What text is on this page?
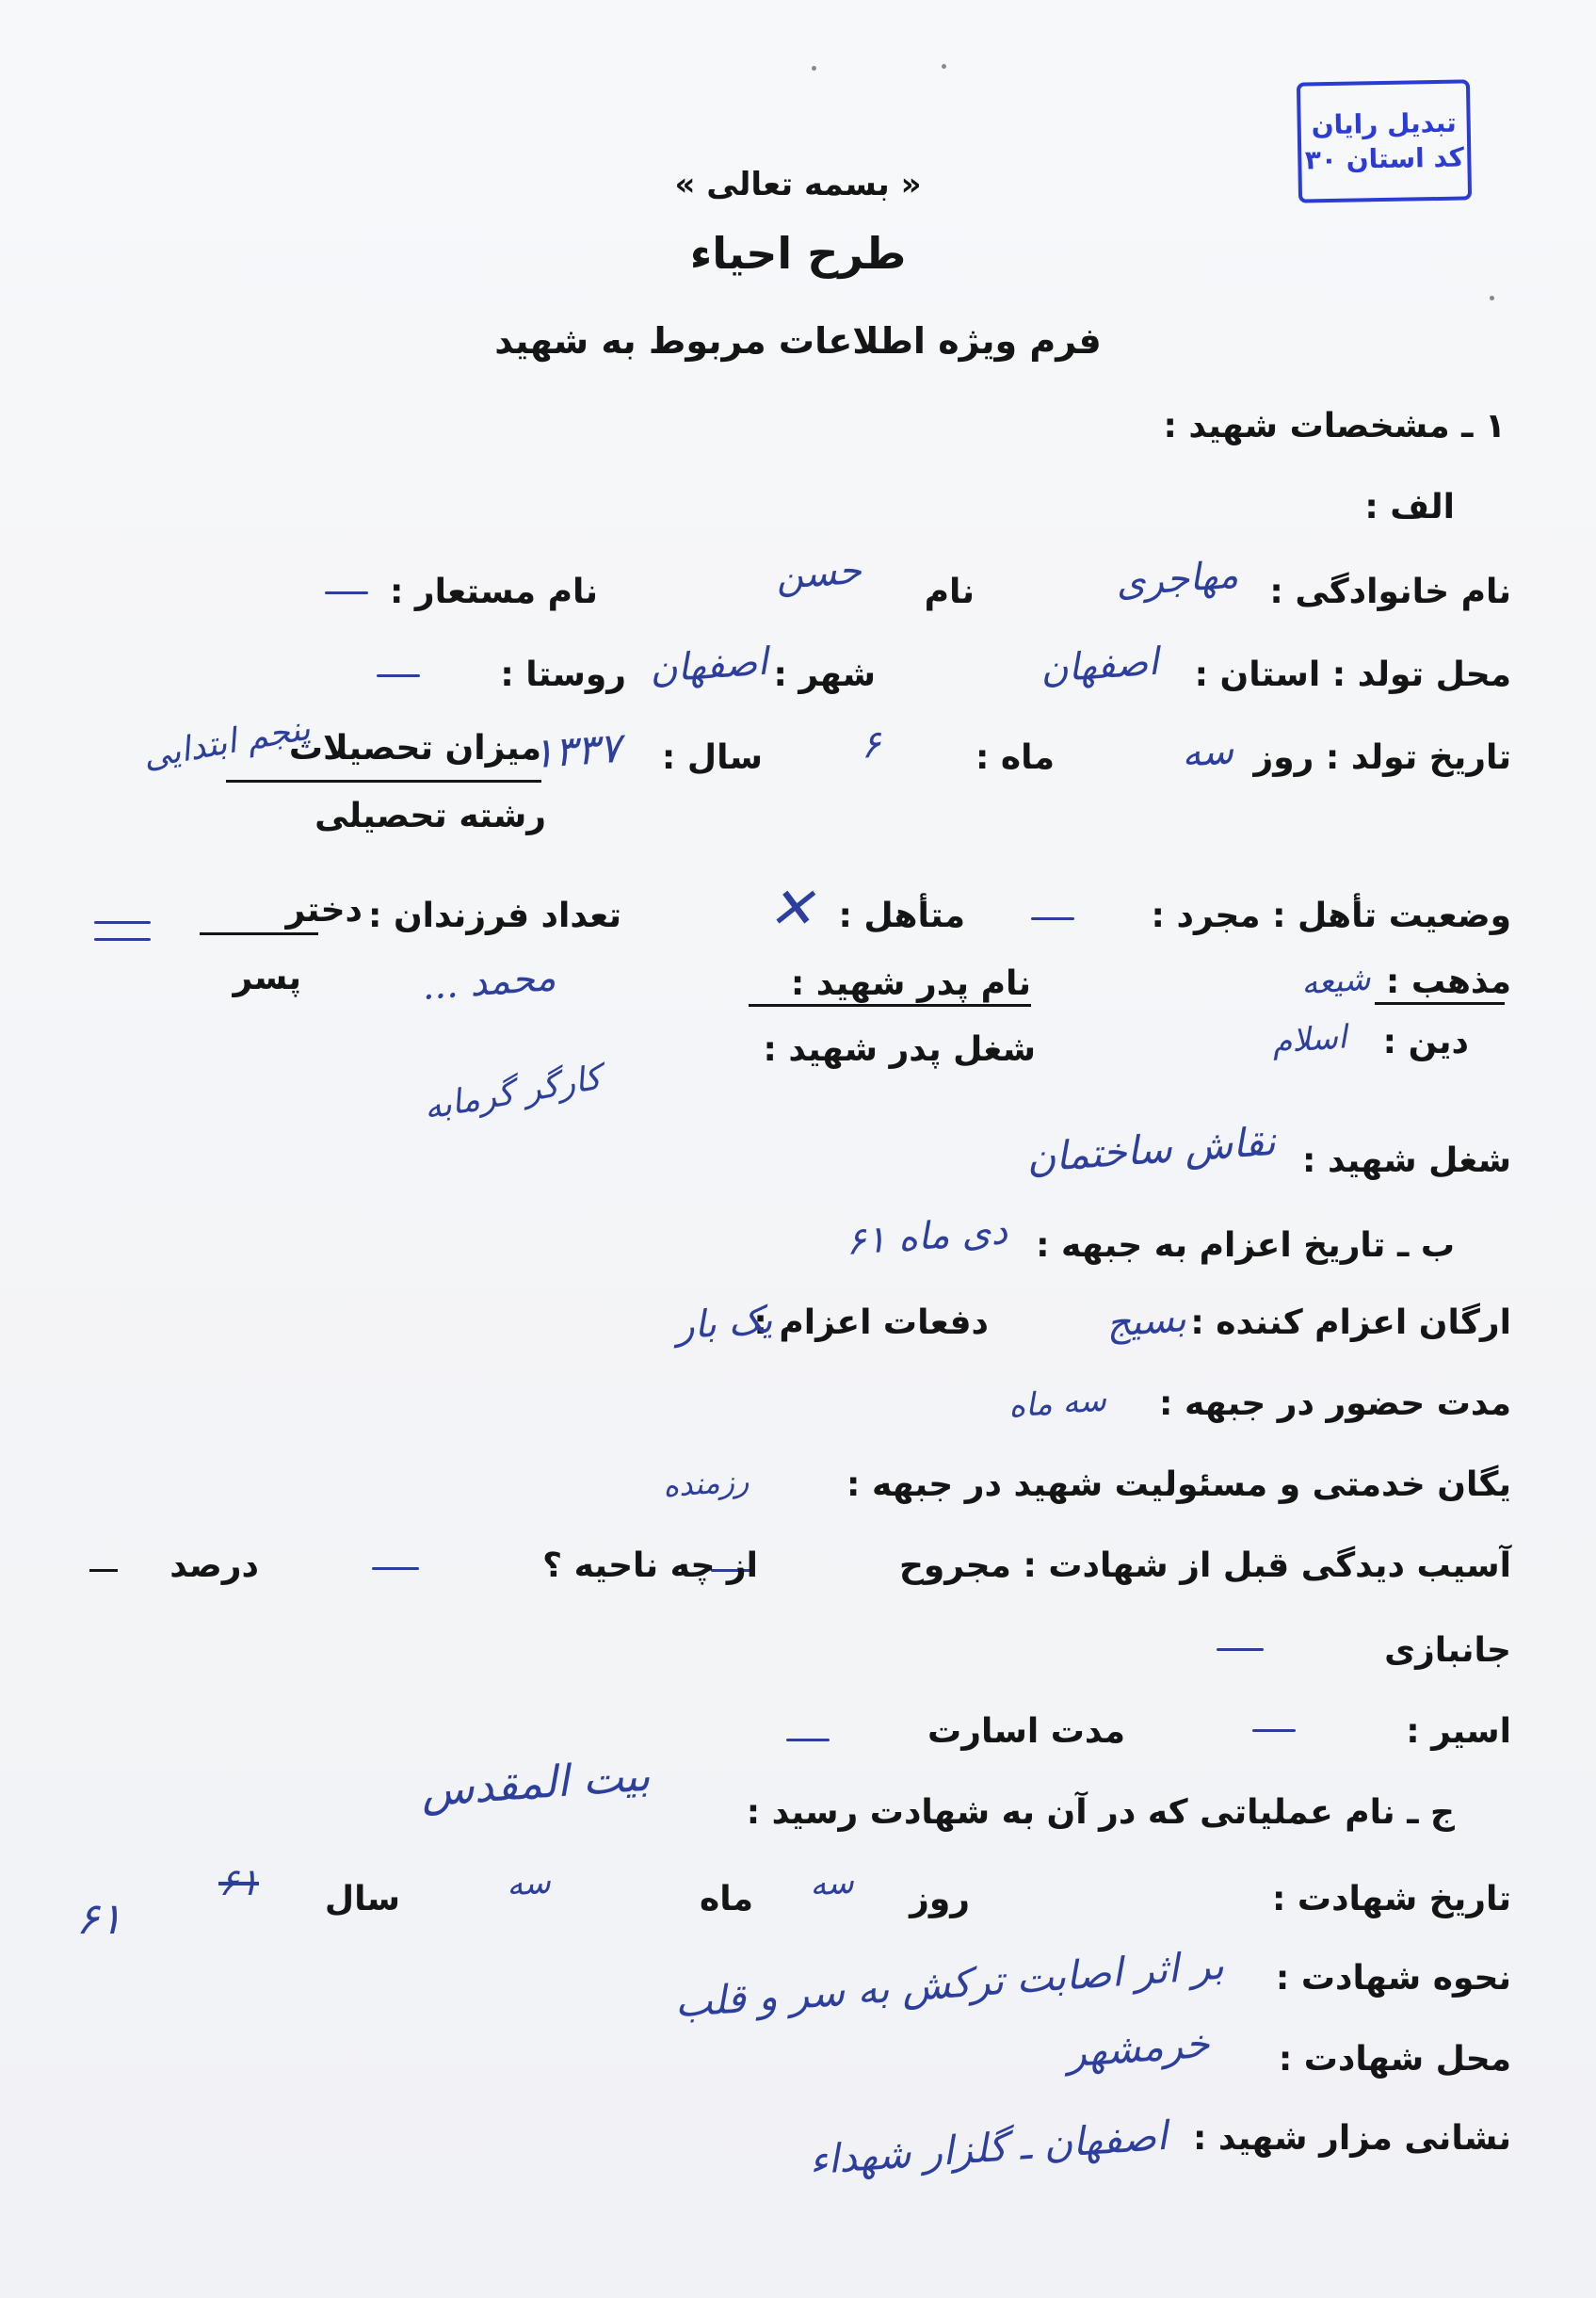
تبدیل رایان
کد استان ۳۰
« بسمه تعالی »
طرح احیاء
فرم ویژه اطلاعات مربوط به شهید
۱ ـ مشخصات شهید :
الف :
نام خانوادگی :
مهاجری
نام
حسن
نام مستعار :
محل تولد : استان :
اصفهان
شهر :
اصفهان
روستا :
تاریخ تولد : روز
سه
ماه :
۶
سال :
۱۳۳۷
میزان تحصیلات
پنجم ابتدایی
رشته تحصیلی
وضعیت تأهل : مجرد :
متأهل :
✕
تعداد فرزندان :
دختر
پسر	مذهب :
شیعه
دین :
اسلام
نام پدر شهید :
محمد ...
شغل پدر شهید :
کارگر گرمابه
شغل شهید :
نقاش ساختمان
ب ـ تاریخ اعزام به جبهه :
دی ماه ۶۱
ارگان اعزام کننده :
بسیج
دفعات اعزام :
یک بار
مدت حضور در جبهه :
سه ماه
یگان خدمتی و مسئولیت شهید در جبهه :
رزمنده
آسیب دیدگی قبل از شهادت : مجروح
از چه ناحیه ؟
درصد
جانبازی
اسیر :
مدت اسارت
ج ـ نام عملیاتی که در آن به شهادت رسید :
بیت المقدس
تاریخ شهادت :
روز
سه
ماه
سه
سال
۶۱
۶۱
نحوه شهادت :
بر اثر اصابت ترکش به سر و قلب
محل شهادت :
خرمشهر
نشانی مزار شهید :
اصفهان ـ گلزار شهداء
